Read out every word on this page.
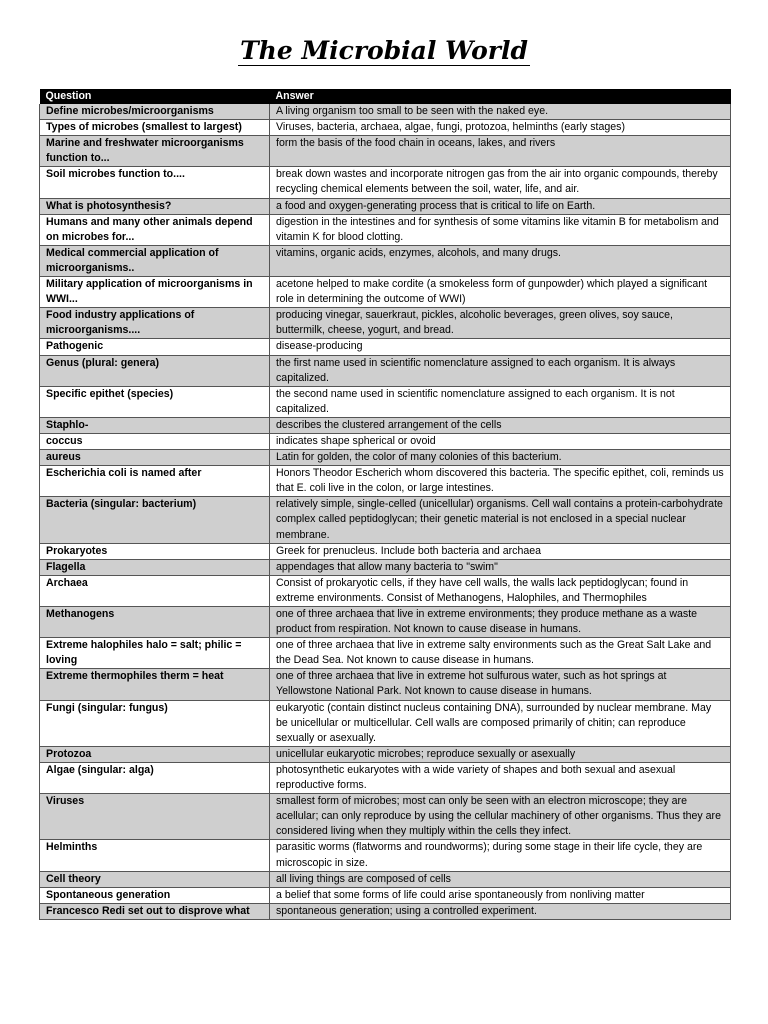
The Microbial World
Question	Answer
Define microbes/microorganisms	A living organism too small to be seen with the naked eye.
Types of microbes (smallest to largest)	Viruses, bacteria, archaea, algae, fungi, protozoa, helminths (early stages)
Marine and freshwater microorganisms function to...	form the basis of the food chain in oceans, lakes, and rivers
Soil microbes function to....	break down wastes and incorporate nitrogen gas from the air into organic compounds, thereby recycling chemical elements between the soil, water, life, and air.
What is photosynthesis?	a food and oxygen-generating process that is critical to life on Earth.
Humans and many other animals depend on microbes for...	digestion in the intestines and for synthesis of some vitamins like vitamin B for metabolism and vitamin K for blood clotting.
Medical commercial application of microorganisms..	vitamins, organic acids, enzymes, alcohols, and many drugs.
Military application of microorganisms in WWI...	acetone helped to make cordite (a smokeless form of gunpowder) which played a significant role in determining the outcome of WWI)
Food industry applications of microorganisms....	producing vinegar, sauerkraut, pickles, alcoholic beverages, green olives, soy sauce, buttermilk, cheese, yogurt, and bread.
Pathogenic	disease-producing
Genus (plural: genera)	the first name used in scientific nomenclature assigned to each organism. It is always capitalized.
Specific epithet (species)	the second name used in scientific nomenclature assigned to each organism. It is not capitalized.
Staphlo-	describes the clustered arrangement of the cells
coccus	indicates shape spherical or ovoid
aureus	Latin for golden, the color of many colonies of this bacterium.
Escherichia coli is named after	Honors Theodor Escherich whom discovered this bacteria. The specific epithet, coli, reminds us that E. coli live in the colon, or large intestines.
Bacteria (singular: bacterium)	relatively simple, single-celled (unicellular) organisms. Cell wall contains a protein-carbohydrate complex called peptidoglycan; their genetic material is not enclosed in a special nuclear membrane.
Prokaryotes	Greek for prenucleus. Include both bacteria and archaea
Flagella	appendages that allow many bacteria to "swim"
Archaea	Consist of prokaryotic cells, if they have cell walls, the walls lack peptidoglycan; found in extreme environments. Consist of Methanogens, Halophiles, and Thermophiles
Methanogens	one of three archaea that live in extreme environments; they produce methane as a waste product from respiration. Not known to cause disease in humans.
Extreme halophiles halo = salt; philic = loving	one of three archaea that live in extreme salty environments such as the Great Salt Lake and the Dead Sea. Not known to cause disease in humans.
Extreme thermophiles therm = heat	one of three archaea that live in extreme hot sulfurous water, such as hot springs at Yellowstone National Park. Not known to cause disease in humans.
Fungi (singular: fungus)	eukaryotic (contain distinct nucleus containing DNA), surrounded by nuclear membrane. May be unicellular or multicellular. Cell walls are composed primarily of chitin; can reproduce sexually or asexually.
Protozoa	unicellular eukaryotic microbes; reproduce sexually or asexually
Algae (singular: alga)	photosynthetic eukaryotes with a wide variety of shapes and both sexual and asexual reproductive forms.
Viruses	smallest form of microbes; most can only be seen with an electron microscope; they are acellular; can only reproduce by using the cellular machinery of other organisms. Thus they are considered living when they multiply within the cells they infect.
Helminths	parasitic worms (flatworms and roundworms); during some stage in their life cycle, they are microscopic in size.
Cell theory	all living things are composed of cells
Spontaneous generation	a belief that some forms of life could arise spontaneously from nonliving matter
Francesco Redi set out to disprove what	spontaneous generation; using a controlled experiment.
